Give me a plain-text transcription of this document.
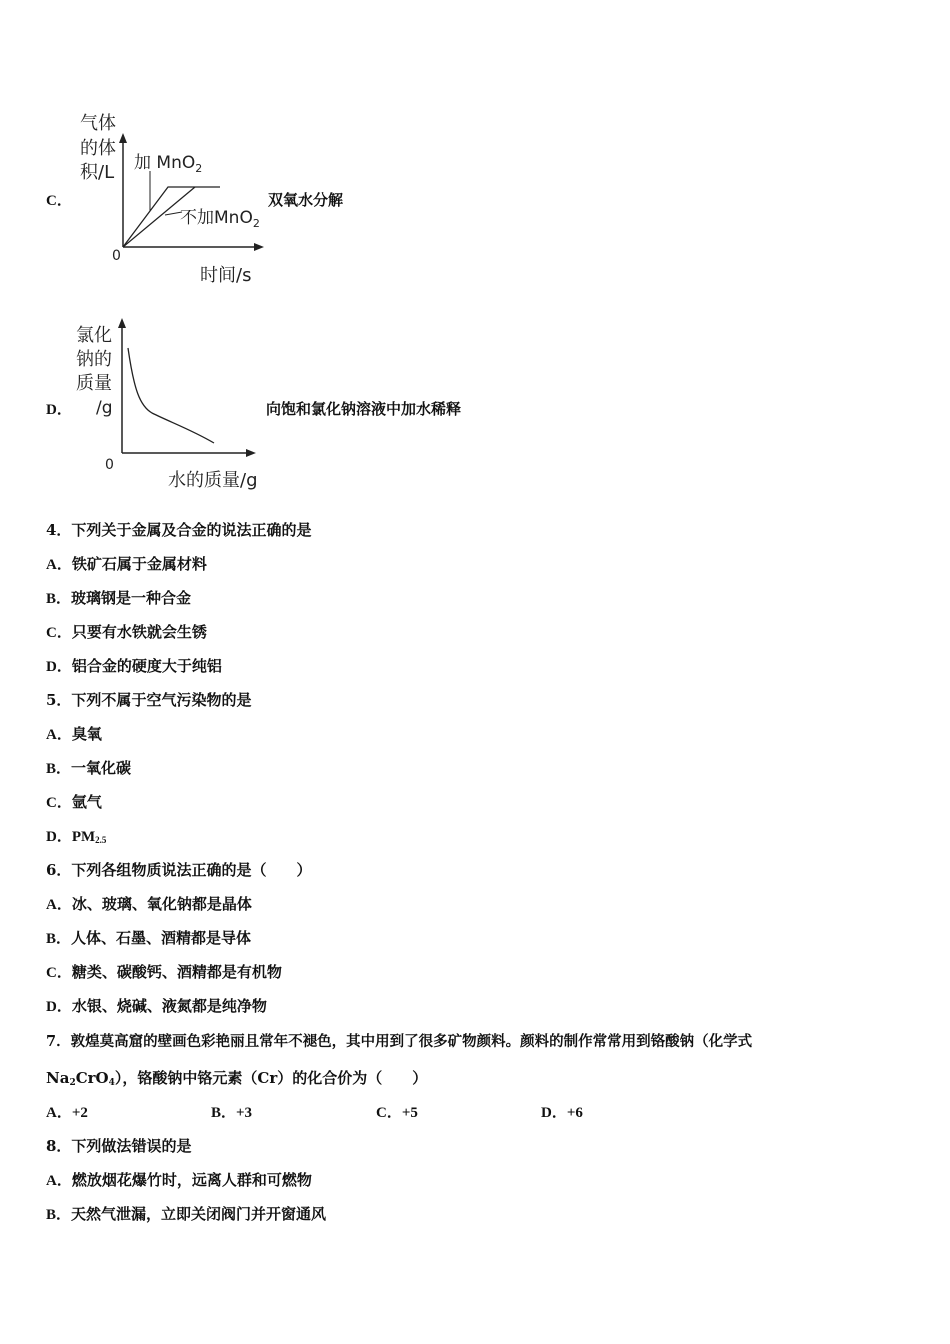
C．
气体
的体
积/L
0
加 MnO$_2$
不加MnO$_2$
时间/s
双氧水分解
D．
氯化
钠的
质量
/g
0
水的质量/g
向饱和氯化钠溶液中加水稀释
4．下列关于金属及合金的说法正确的是
A．铁矿石属于金属材料
B．玻璃钢是一种合金
C．只要有水铁就会生锈
D．铝合金的硬度大于纯铝
5．下列不属于空气污染物的是
A．臭氧
B．一氧化碳
C．氩气
D．$PM_{2.5}$
6．下列各组物质说法正确的是（　　）
A．冰、玻璃、氧化钠都是晶体
B．人体、石墨、酒精都是导体
C．糖类、碳酸钙、酒精都是有机物
D．水银、烧碱、液氮都是纯净物
7．敦煌莫高窟的壁画色彩艳丽且常年不褪色，其中用到了很多矿物颜料。颜料的制作常常用到铬酸钠（化学式
$Na_2CrO_4$），铬酸钠中铬元素（Cr）的化合价为（　　）
A．+2	B．+3	C．+5	D．+6
8．下列做法错误的是
A．燃放烟花爆竹时，远离人群和可燃物
B．天然气泄漏，立即关闭阀门并开窗通风
